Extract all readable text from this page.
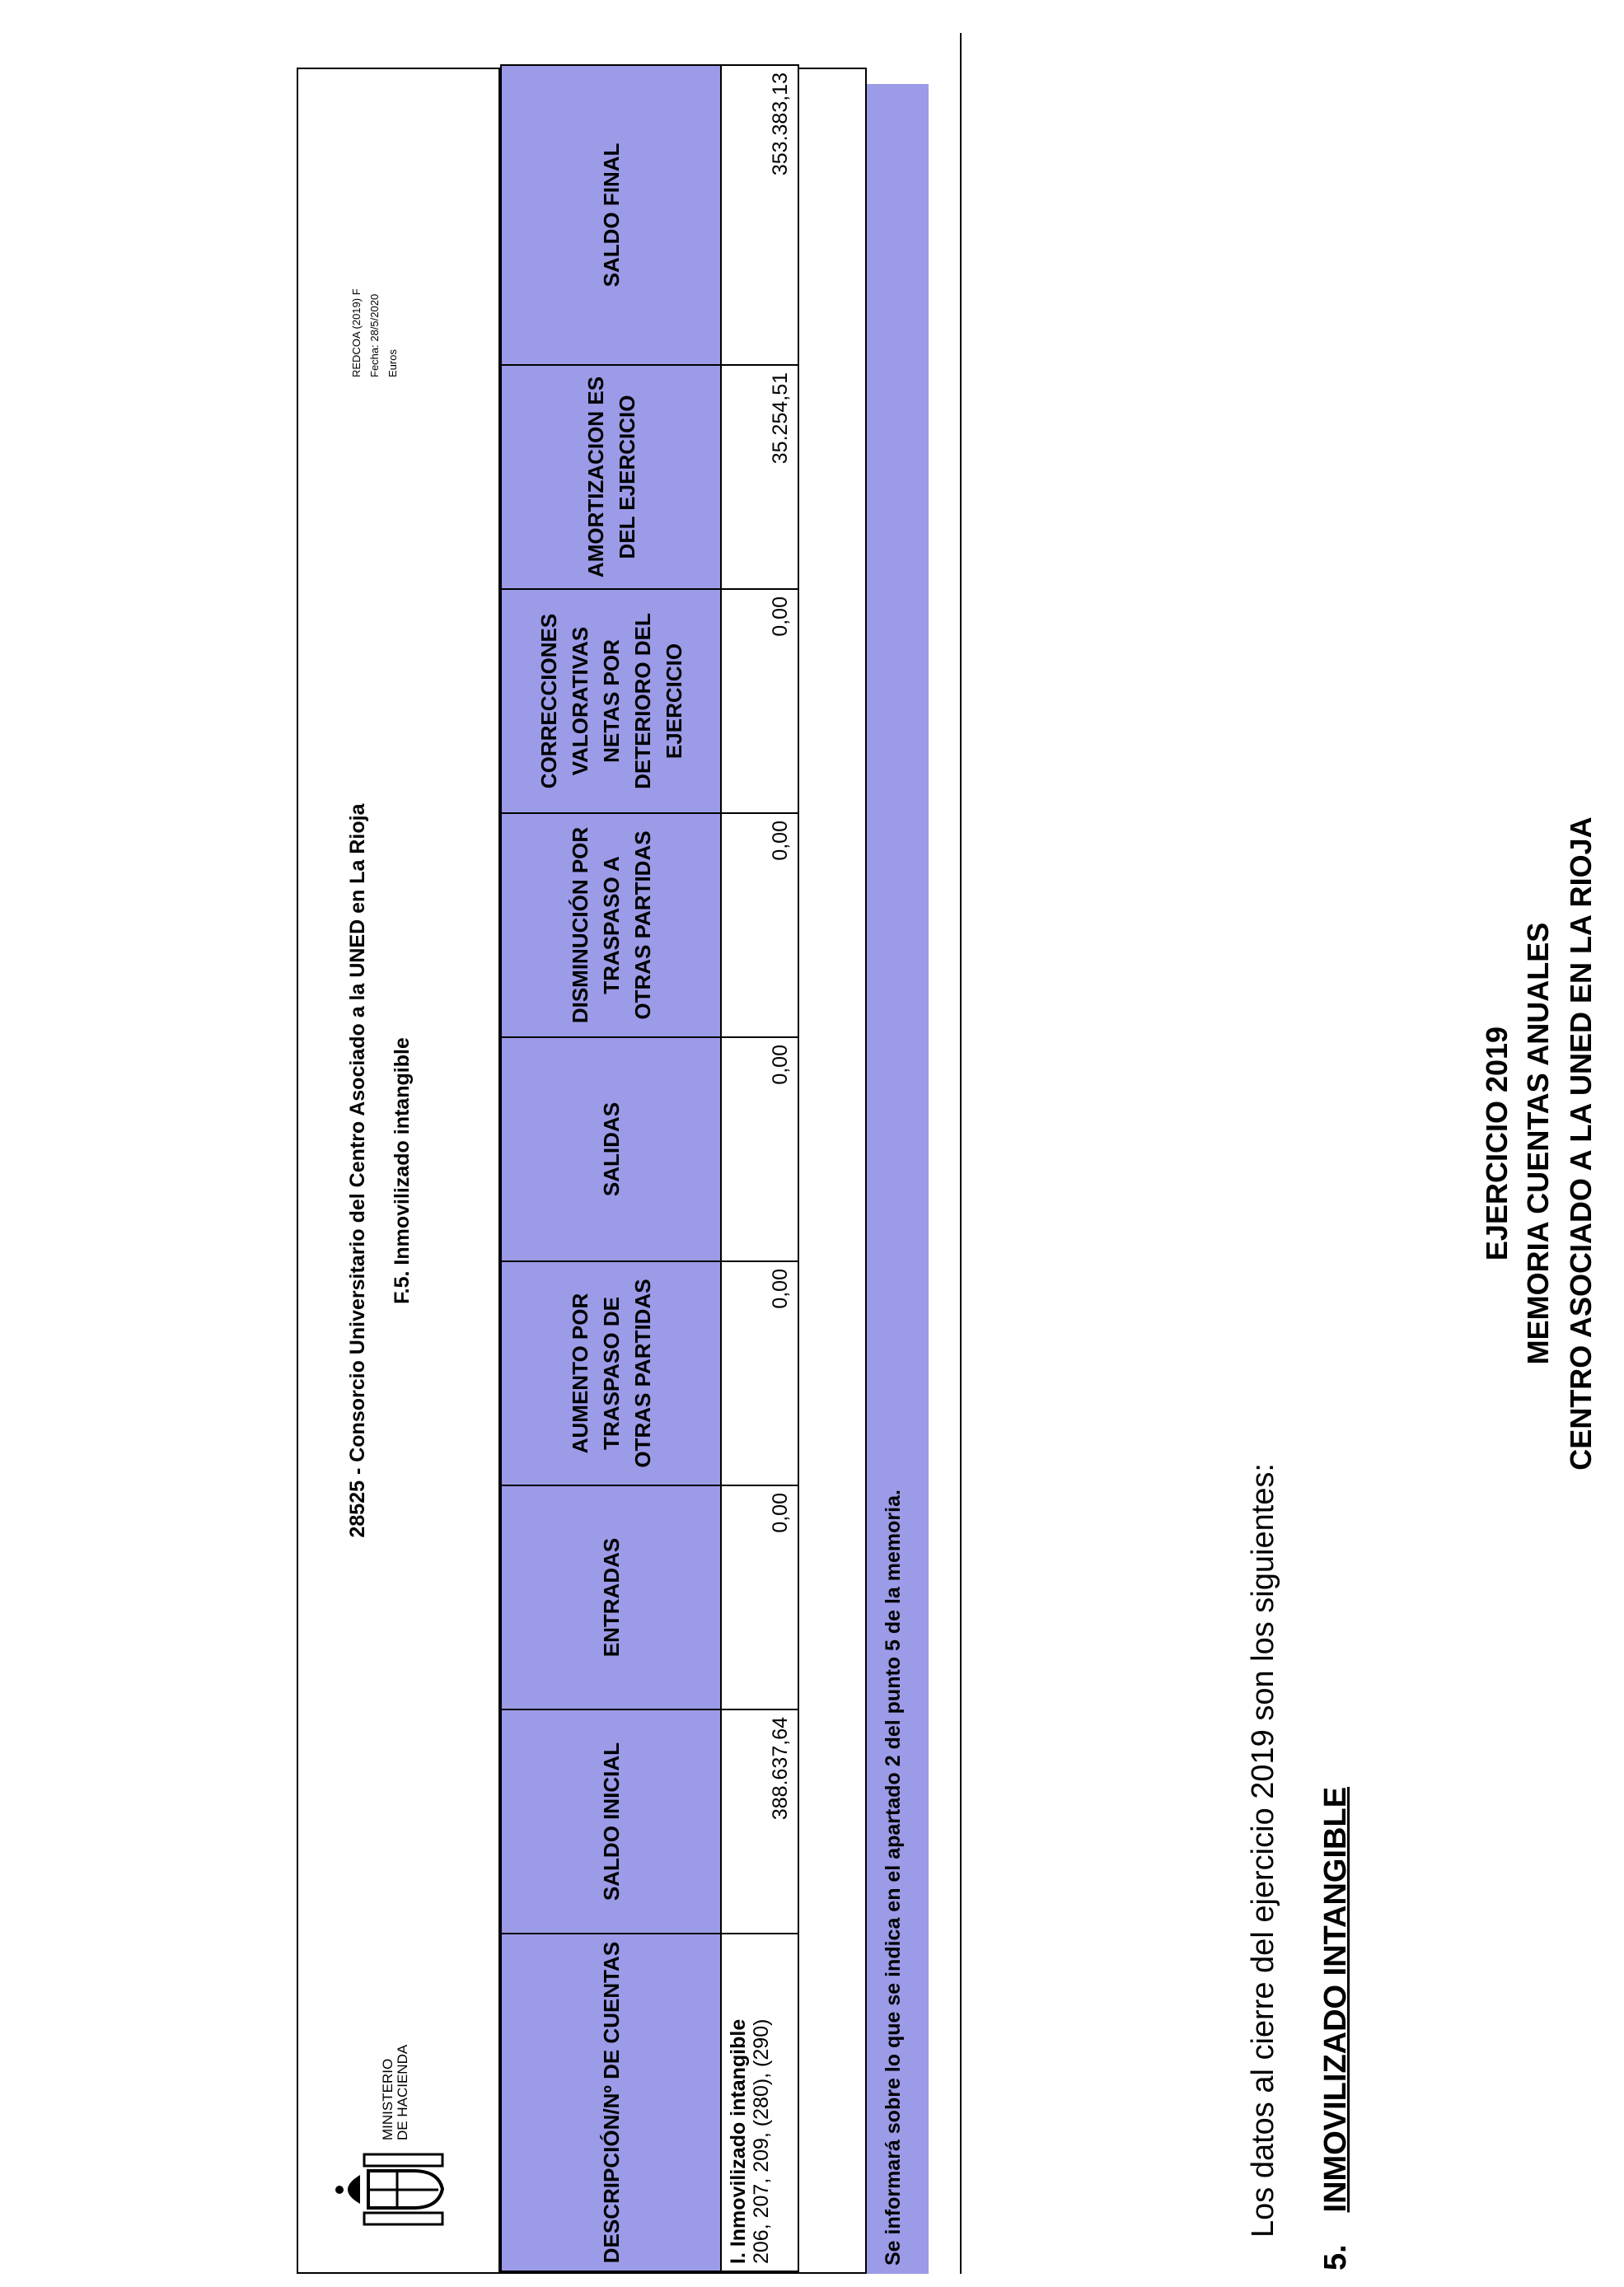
CENTRO ASOCIADO A LA UNED EN LA RIOJA
MEMORIA CUENTAS ANUALES
EJERCICIO 2019
5. INMOVILIZADO INTANGIBLE
Los datos al cierre del ejercicio 2019 son los siguientes:
MINISTERIO DE HACIENDA
28525 - Consorcio Universitario del Centro Asociado a la UNED en La Rioja F.5. Inmovilizado intangible
REDCOA (2019) F Fecha: 28/5/2020 Euros
DESCRIPCIÓN/Nº DE CUENTAS	SALDO INICIAL	ENTRADAS	AUMENTO POR TRASPASO DE OTRAS PARTIDAS	SALIDAS	DISMINUCIÓN POR TRASPASO A OTRAS PARTIDAS	CORRECCIONES VALORATIVAS NETAS POR DETERIORO DEL EJERCICIO	AMORTIZACION ES DEL EJERCICIO	SALDO FINAL

I. Inmovilizado intangible 206, 207, 209, (280), (290)	388.637,64	0,00	0,00	0,00	0,00	0,00	35.254,51	353.383,13
Se informará sobre lo que se indica en el apartado 2 del punto 5 de la memoria.
